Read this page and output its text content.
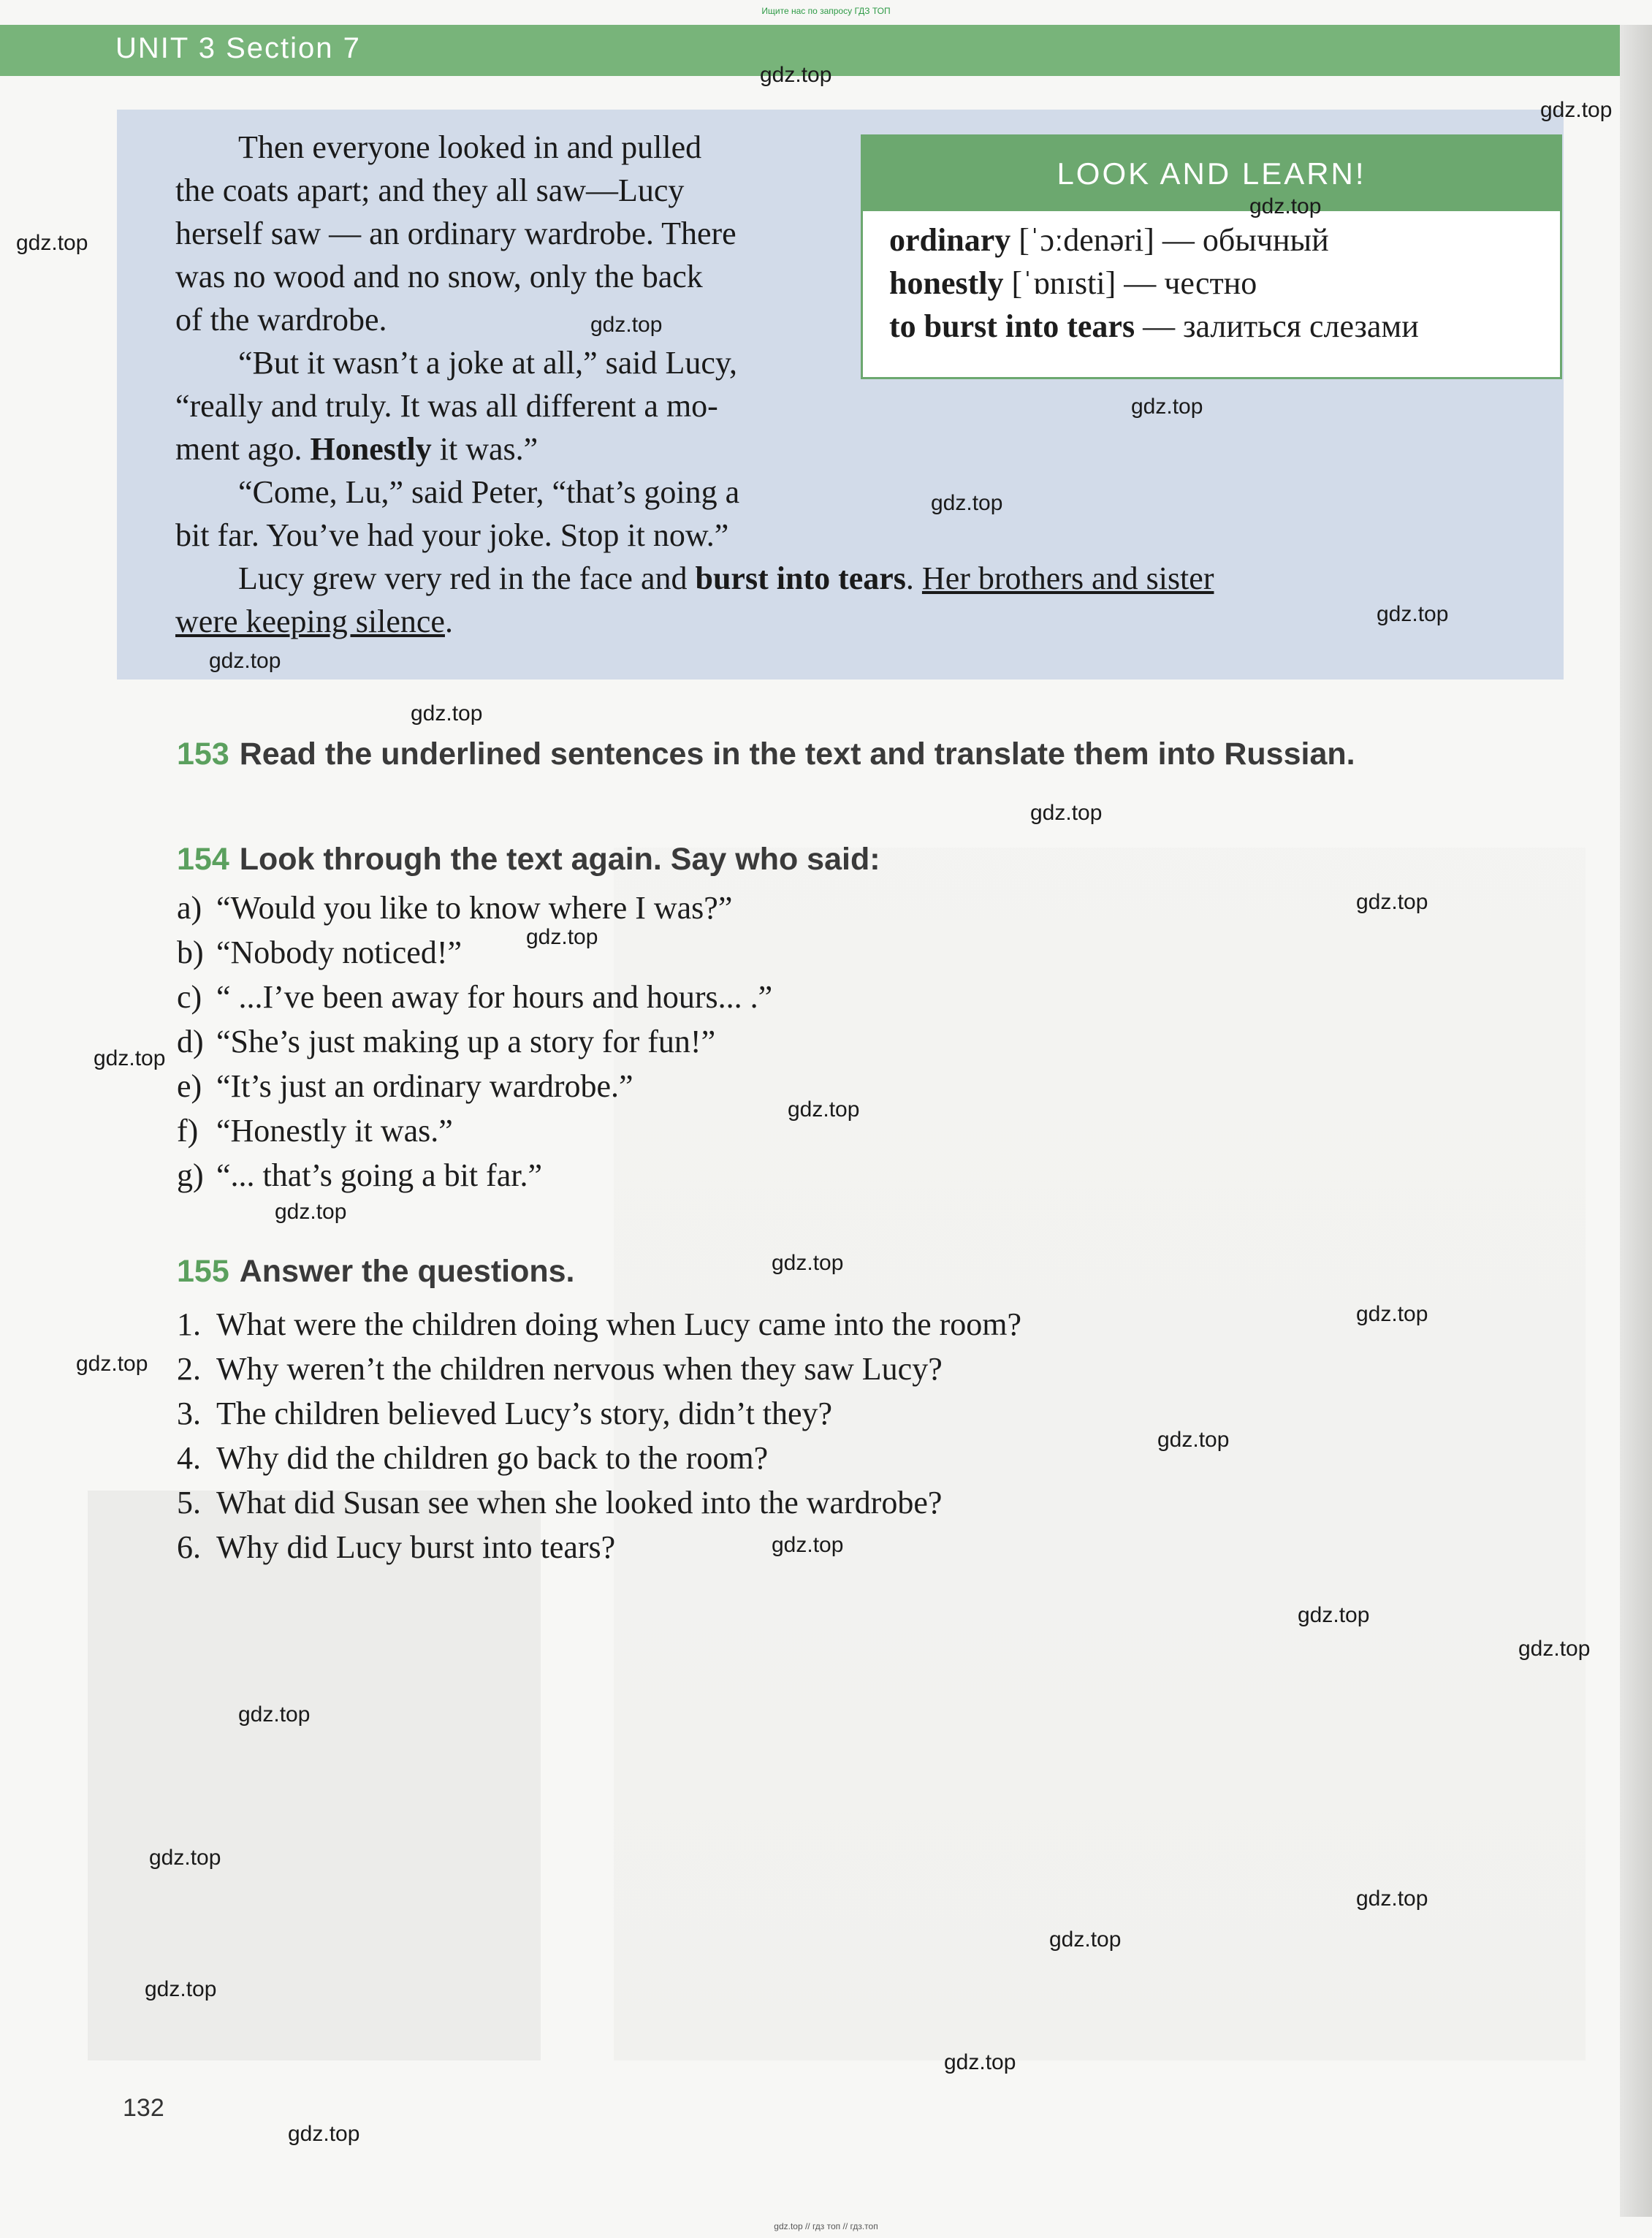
Ищите нас по запросу ГДЗ ТОП
UNIT 3 Section 7

Then everyone looked in and pulled

the coats apart; and they all saw—Lucy

herself saw — an ordinary wardrobe. There

was no wood and no snow, only the back

of the wardrobe.

“But it wasn’t a joke at all,” said Lucy,

“really and truly. It was all different a mo-

ment ago. Honestly it was.”

“Come, Lu,” said Peter, “that’s going a

bit far. You’ve had your joke. Stop it now.”

Lucy grew very red in the face and burst into tears. Her brothers and sister

were keeping silence.

LOOK AND LEARN!
ordinary [ˈɔːdenəri] — обычный
honestly [ˈɒnɪsti] — честно
to burst into tears — залиться слезами
153 Read the underlined sentences in the text and translate them into Russian.
154 Look through the text again. Say who said:
a) “Would you like to know where I was?”
b) “Nobody noticed!”
c) “ ...I’ve been away for hours and hours... .”
d) “She’s just making up a story for fun!”
e) “It’s just an ordinary wardrobe.”
f) “Honestly it was.”
g) “... that’s going a bit far.”
155 Answer the questions.
1. What were the children doing when Lucy came into the room?
2. Why weren’t the children nervous when they saw Lucy?
3. The children believed Lucy’s story, didn’t they?
4. Why did the children go back to the room?
5. What did Susan see when she looked into the wardrobe?
6. Why did Lucy burst into tears?
132
gdz.top
gdz.top
gdz.top
gdz.top
gdz.top
gdz.top
gdz.top
gdz.top
gdz.top
gdz.top
gdz.top
gdz.top
gdz.top
gdz.top
gdz.top
gdz.top
gdz.top
gdz.top
gdz.top
gdz.top
gdz.top
gdz.top
gdz.top
gdz.top
gdz.top
gdz.top
gdz.top
gdz.top
gdz.top
gdz.top
gdz.top // гдз топ // гдз.топ
